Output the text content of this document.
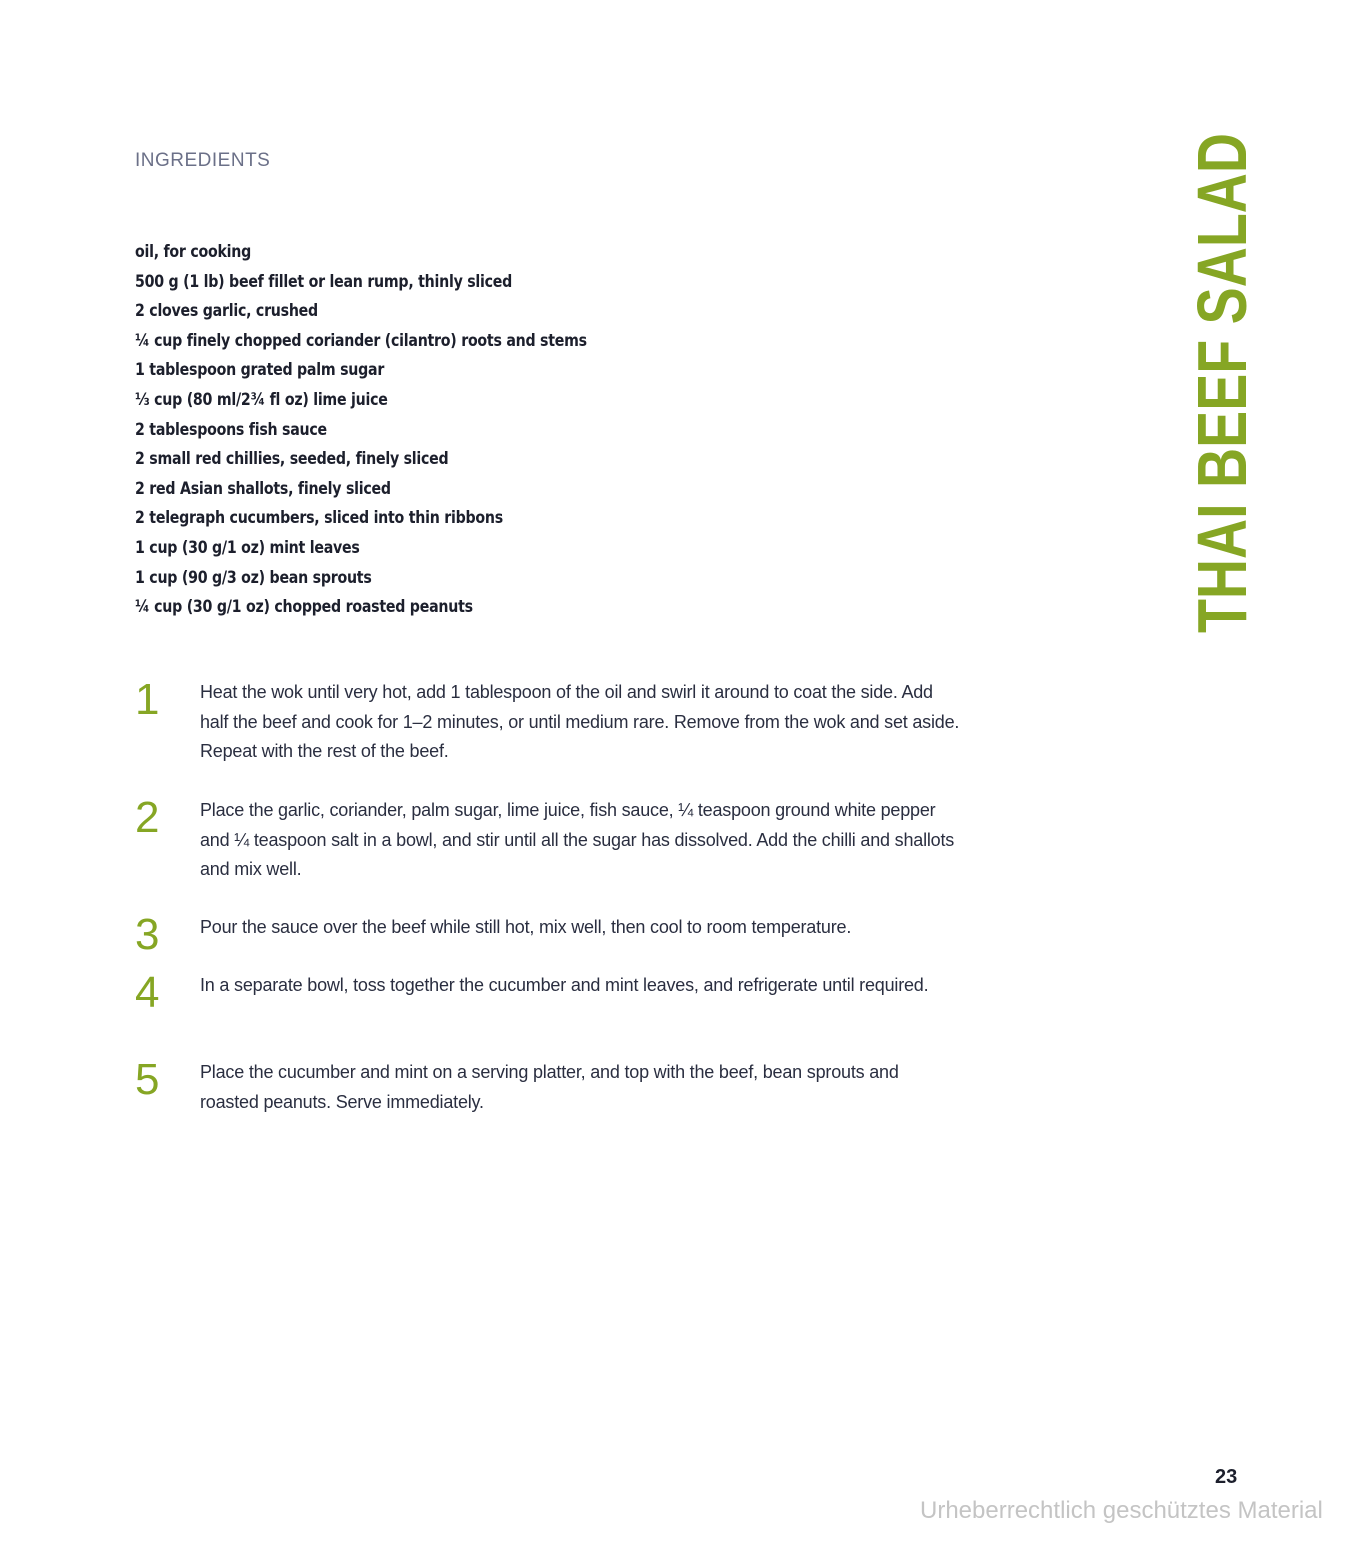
INGREDIENTS
oil, for cooking
500 g (1 lb) beef fillet or lean rump, thinly sliced
2 cloves garlic, crushed
¼ cup finely chopped coriander (cilantro) roots and stems
1 tablespoon grated palm sugar
⅓ cup (80 ml/2¾ fl oz) lime juice
2 tablespoons fish sauce
2 small red chillies, seeded, finely sliced
2 red Asian shallots, finely sliced
2 telegraph cucumbers, sliced into thin ribbons
1 cup (30 g/1 oz) mint leaves
1 cup (90 g/3 oz) bean sprouts
¼ cup (30 g/1 oz) chopped roasted peanuts
1 Heat the wok until very hot, add 1 tablespoon of the oil and swirl it around to coat the side. Add half the beef and cook for 1–2 minutes, or until medium rare. Remove from the wok and set aside. Repeat with the rest of the beef.
2 Place the garlic, coriander, palm sugar, lime juice, fish sauce, ¼ teaspoon ground white pepper and ¼ teaspoon salt in a bowl, and stir until all the sugar has dissolved. Add the chilli and shallots and mix well.
3 Pour the sauce over the beef while still hot, mix well, then cool to room temperature.
4 In a separate bowl, toss together the cucumber and mint leaves, and refrigerate until required.
5 Place the cucumber and mint on a serving platter, and top with the beef, bean sprouts and roasted peanuts. Serve immediately.
THAI BEEF SALAD
23
Urheberrechtlich geschütztes Material
